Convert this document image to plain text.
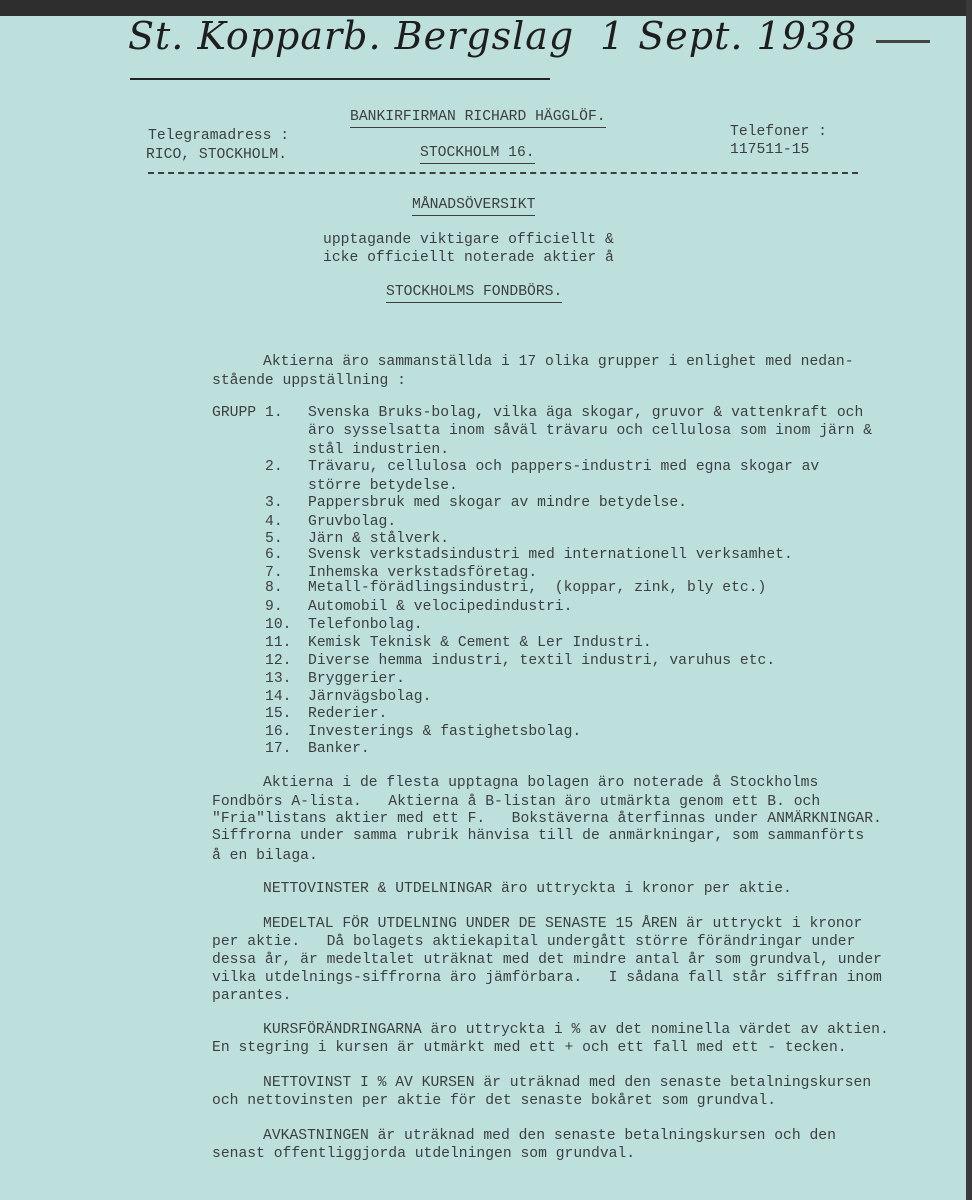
St. Kopparb. Bergslag 1 Sept. 1938
BANKIRFIRMAN RICHARD HÄGGLÖF.
Telegramadress :
RICO, STOCKHOLM.	STOCKHOLM 16.
Telefoner :
117511-15
MÅNADSÖVERSIKT
upptagande viktigare officiellt &
icke officiellt noterade aktier å
STOCKHOLMS FONDBÖRS.
Aktierna äro sammanställda i 17 olika grupper i enlighet med nedan-
stående uppställning :
GRUPP 1. Svenska Bruks-bolag, vilka äga skogar, gruvor & vattenkraft och
äro sysselsatta inom såväl trävaru och cellulosa som inom järn &
stål industrien.
2. Trävaru, cellulosa och pappers-industri med egna skogar av
större betydelse.
3. Pappersbruk med skogar av mindre betydelse.
4. Gruvbolag.
5. Järn & stålverk.
6. Svensk verkstadsindustri med internationell verksamhet.
7. Inhemska verkstadsföretag.
8. Metall-förädlingsindustri,  (koppar, zink, bly etc.)
9. Automobil & velocipedindustri.
10. Telefonbolag.
11. Kemisk Teknisk & Cement & Ler Industri.
12. Diverse hemma industri, textil industri, varuhus etc.
13. Bryggerier.
14. Järnvägsbolag.
15. Rederier.
16. Investerings & fastighetsbolag.
17. Banker.
Aktierna i de flesta upptagna bolagen äro noterade å Stockholms
Fondbörs A-lista.   Aktierna å B-listan äro utmärkta genom ett B. och
"Fria"listans aktier med ett F.   Bokstäverna återfinnas under ANMÄRKNINGAR.
Siffrorna under samma rubrik hänvisa till de anmärkningar, som sammanförts
å en bilaga.
NETTOVINSTER & UTDELNINGAR äro uttryckta i kronor per aktie.
MEDELTAL FÖR UTDELNING UNDER DE SENASTE 15 ÅREN är uttryckt i kronor
per aktie.   Då bolagets aktiekapital undergått större förändringar under
dessa år, är medeltalet uträknat med det mindre antal år som grundval, under
vilka utdelnings-siffrorna äro jämförbara.   I sådana fall står siffran inom
parantes.
KURSFÖRÄNDRINGARNA äro uttryckta i % av det nominella värdet av aktien.
En stegring i kursen är utmärkt med ett + och ett fall med ett - tecken.
NETTOVINST I % AV KURSEN är uträknad med den senaste betalningskursen
och nettovinsten per aktie för det senaste bokåret som grundval.
AVKASTNINGEN är uträknad med den senaste betalningskursen och den
senast offentliggjorda utdelningen som grundval.
